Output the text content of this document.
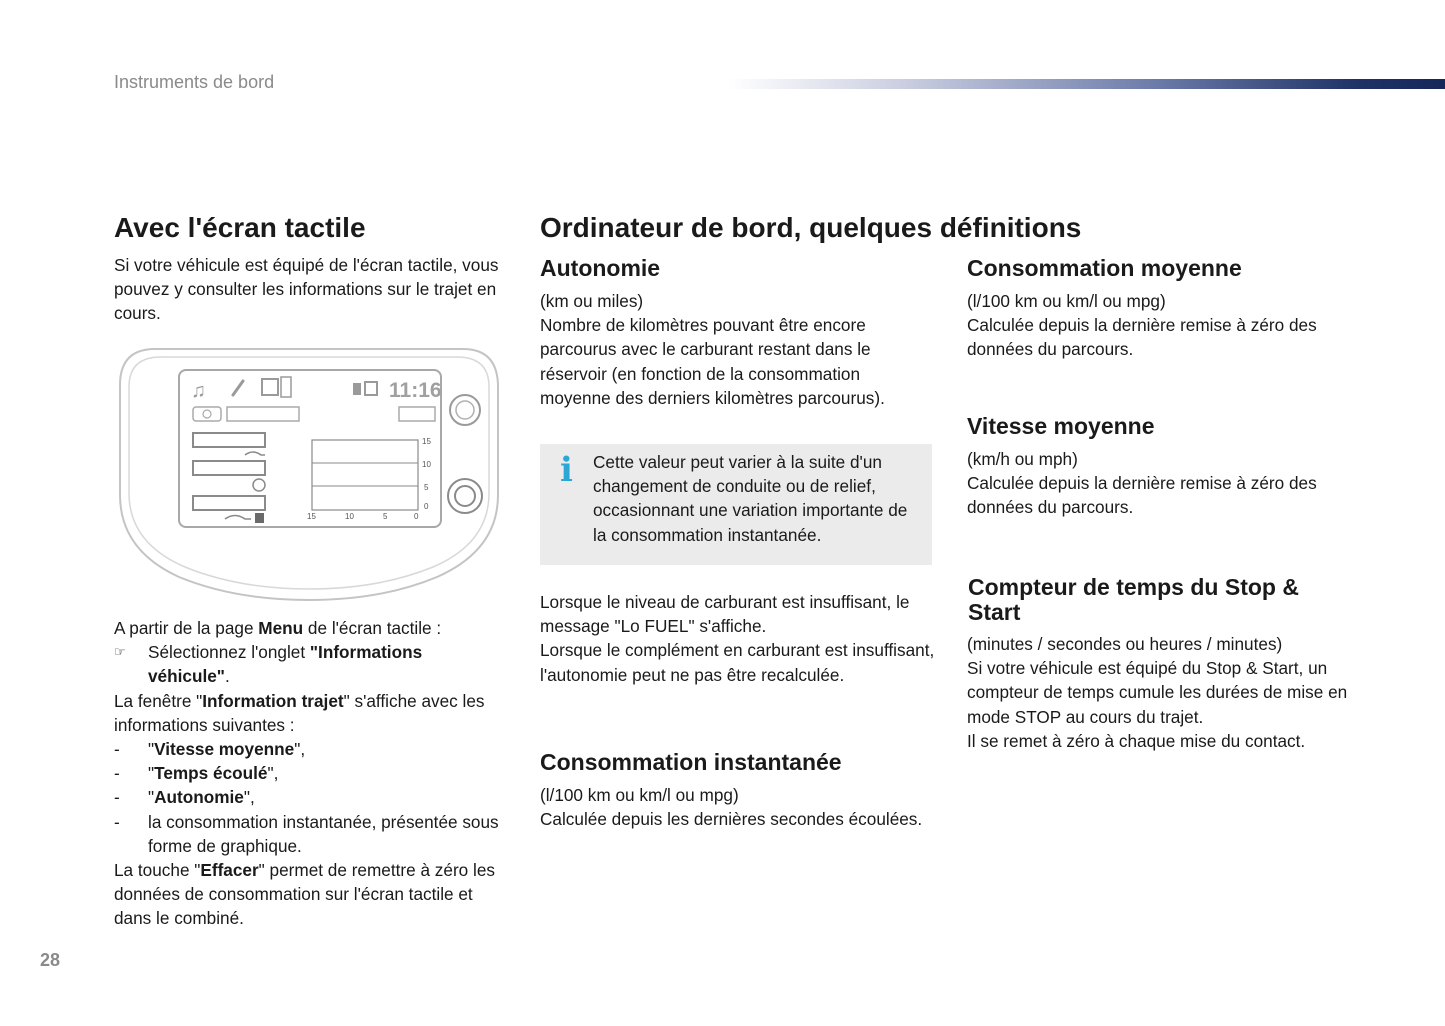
Instruments de bord
Avec l'écran tactile
Si votre véhicule est équipé de l'écran tactile, vous pouvez y consulter les informations sur le trajet en cours.
♫	11:16
15
10
5
0
15	10	5	0

A partir de la page Menu de l'écran tactile :

☞ Sélectionnez l'onglet "Informations véhicule".

La fenêtre "Information trajet" s'affiche avec les informations suivantes :

- "Vitesse moyenne",
- "Temps écoulé",
- "Autonomie",
- la consommation instantanée, présentée sous forme de graphique.

La touche "Effacer" permet de remettre à zéro les données de consommation sur l'écran tactile et dans le combiné.

Ordinateur de bord, quelques définitions
Autonomie

(km ou miles)

Nombre de kilomètres pouvant être encore parcourus avec le carburant restant dans le réservoir (en fonction de la consommation moyenne des derniers kilomètres parcourus).

i Cette valeur peut varier à la suite d'un changement de conduite ou de relief, occasionnant une variation importante de la consommation instantanée.

Lorsque le niveau de carburant est insuffisant, le message "Lo FUEL" s'affiche.

Lorsque le complément en carburant est insuffisant, l'autonomie peut ne pas être recalculée.

Consommation instantanée

(l/100 km ou km/l ou mpg)

Calculée depuis les dernières secondes écoulées.

Consommation moyenne

(l/100 km ou km/l ou mpg)

Calculée depuis la dernière remise à zéro des données du parcours.

Vitesse moyenne

(km/h ou mph)

Calculée depuis la dernière remise à zéro des données du parcours.

Compteur de temps du Stop & Start

(minutes / secondes ou heures / minutes)

Si votre véhicule est équipé du Stop & Start, un compteur de temps cumule les durées de mise en mode STOP au cours du trajet.

Il se remet à zéro à chaque mise du contact.

28
